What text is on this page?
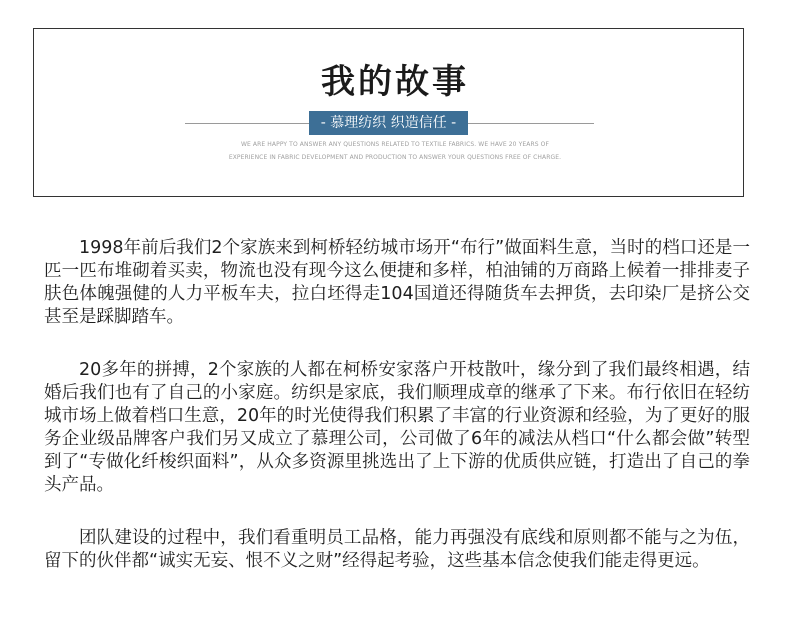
我的故事
- 慕理纺织 织造信任 -
WE ARE HAPPY TO ANSWER ANY QUESTIONS RELATED TO TEXTILE FABRICS. WE HAVE 20 YEARS OF
EXPERIENCE IN FABRIC DEVELOPMENT AND PRODUCTION TO ANSWER YOUR QUESTIONS FREE OF CHARGE.

1998年前后我们2个家族来到柯桥轻纺城市场开“布行”做面料生意，当时的档口还是一匹一匹布堆砌着买卖，物流也没有现今这么便捷和多样，柏油铺的万商路上候着一排排麦子肤色体魄强健的人力平板车夫，拉白坯得走104国道还得随货车去押货，去印染厂是挤公交甚至是踩脚踏车。

20多年的拼搏，2个家族的人都在柯桥安家落户开枝散叶，缘分到了我们最终相遇，结婚后我们也有了自己的小家庭。纺织是家底，我们顺理成章的继承了下来。布行依旧在轻纺城市场上做着档口生意，20年的时光使得我们积累了丰富的行业资源和经验，为了更好的服务企业级品牌客户我们另又成立了慕理公司，公司做了6年的减法从档口“什么都会做”转型到了“专做化纤梭织面料”，从众多资源里挑选出了上下游的优质供应链，打造出了自己的拳头产品。

团队建设的过程中，我们看重明员工品格，能力再强没有底线和原则都不能与之为伍，留下的伙伴都“诚实无妄、恨不义之财”经得起考验，这些基本信念使我们能走得更远。
